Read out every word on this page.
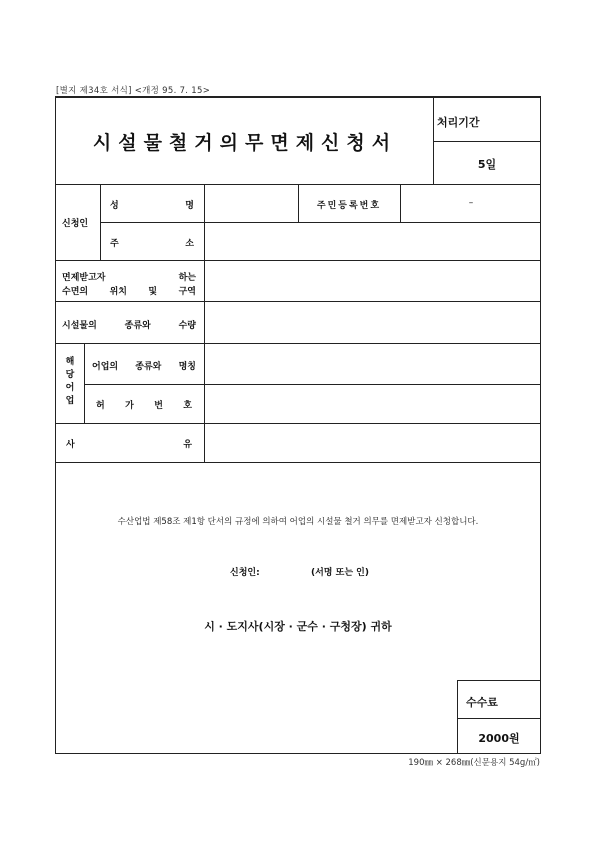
[별지 제34호 서식] <개정 95. 7. 15>
시설물철거의무면제신청서
처리기간
5일
신청인
성	명	주민등록번호	–
주	소
면제받고자	하는
수면의 위치 및 구역
시설물의	종류와	수량
해
당
어
업
어업의 종류와 명칭
허 가 번 호
사	유
수산업법 제58조 제1항 단서의 규정에 의하여 어업의 시설물 철거 의무를 면제받고자 신청합니다.
신청인:	(서명 또는 인)
시 · 도지사(시장 · 군수 · 구청장) 귀하
수수료
2000원
190㎜ × 268㎜(신문용지 54g/㎡)
